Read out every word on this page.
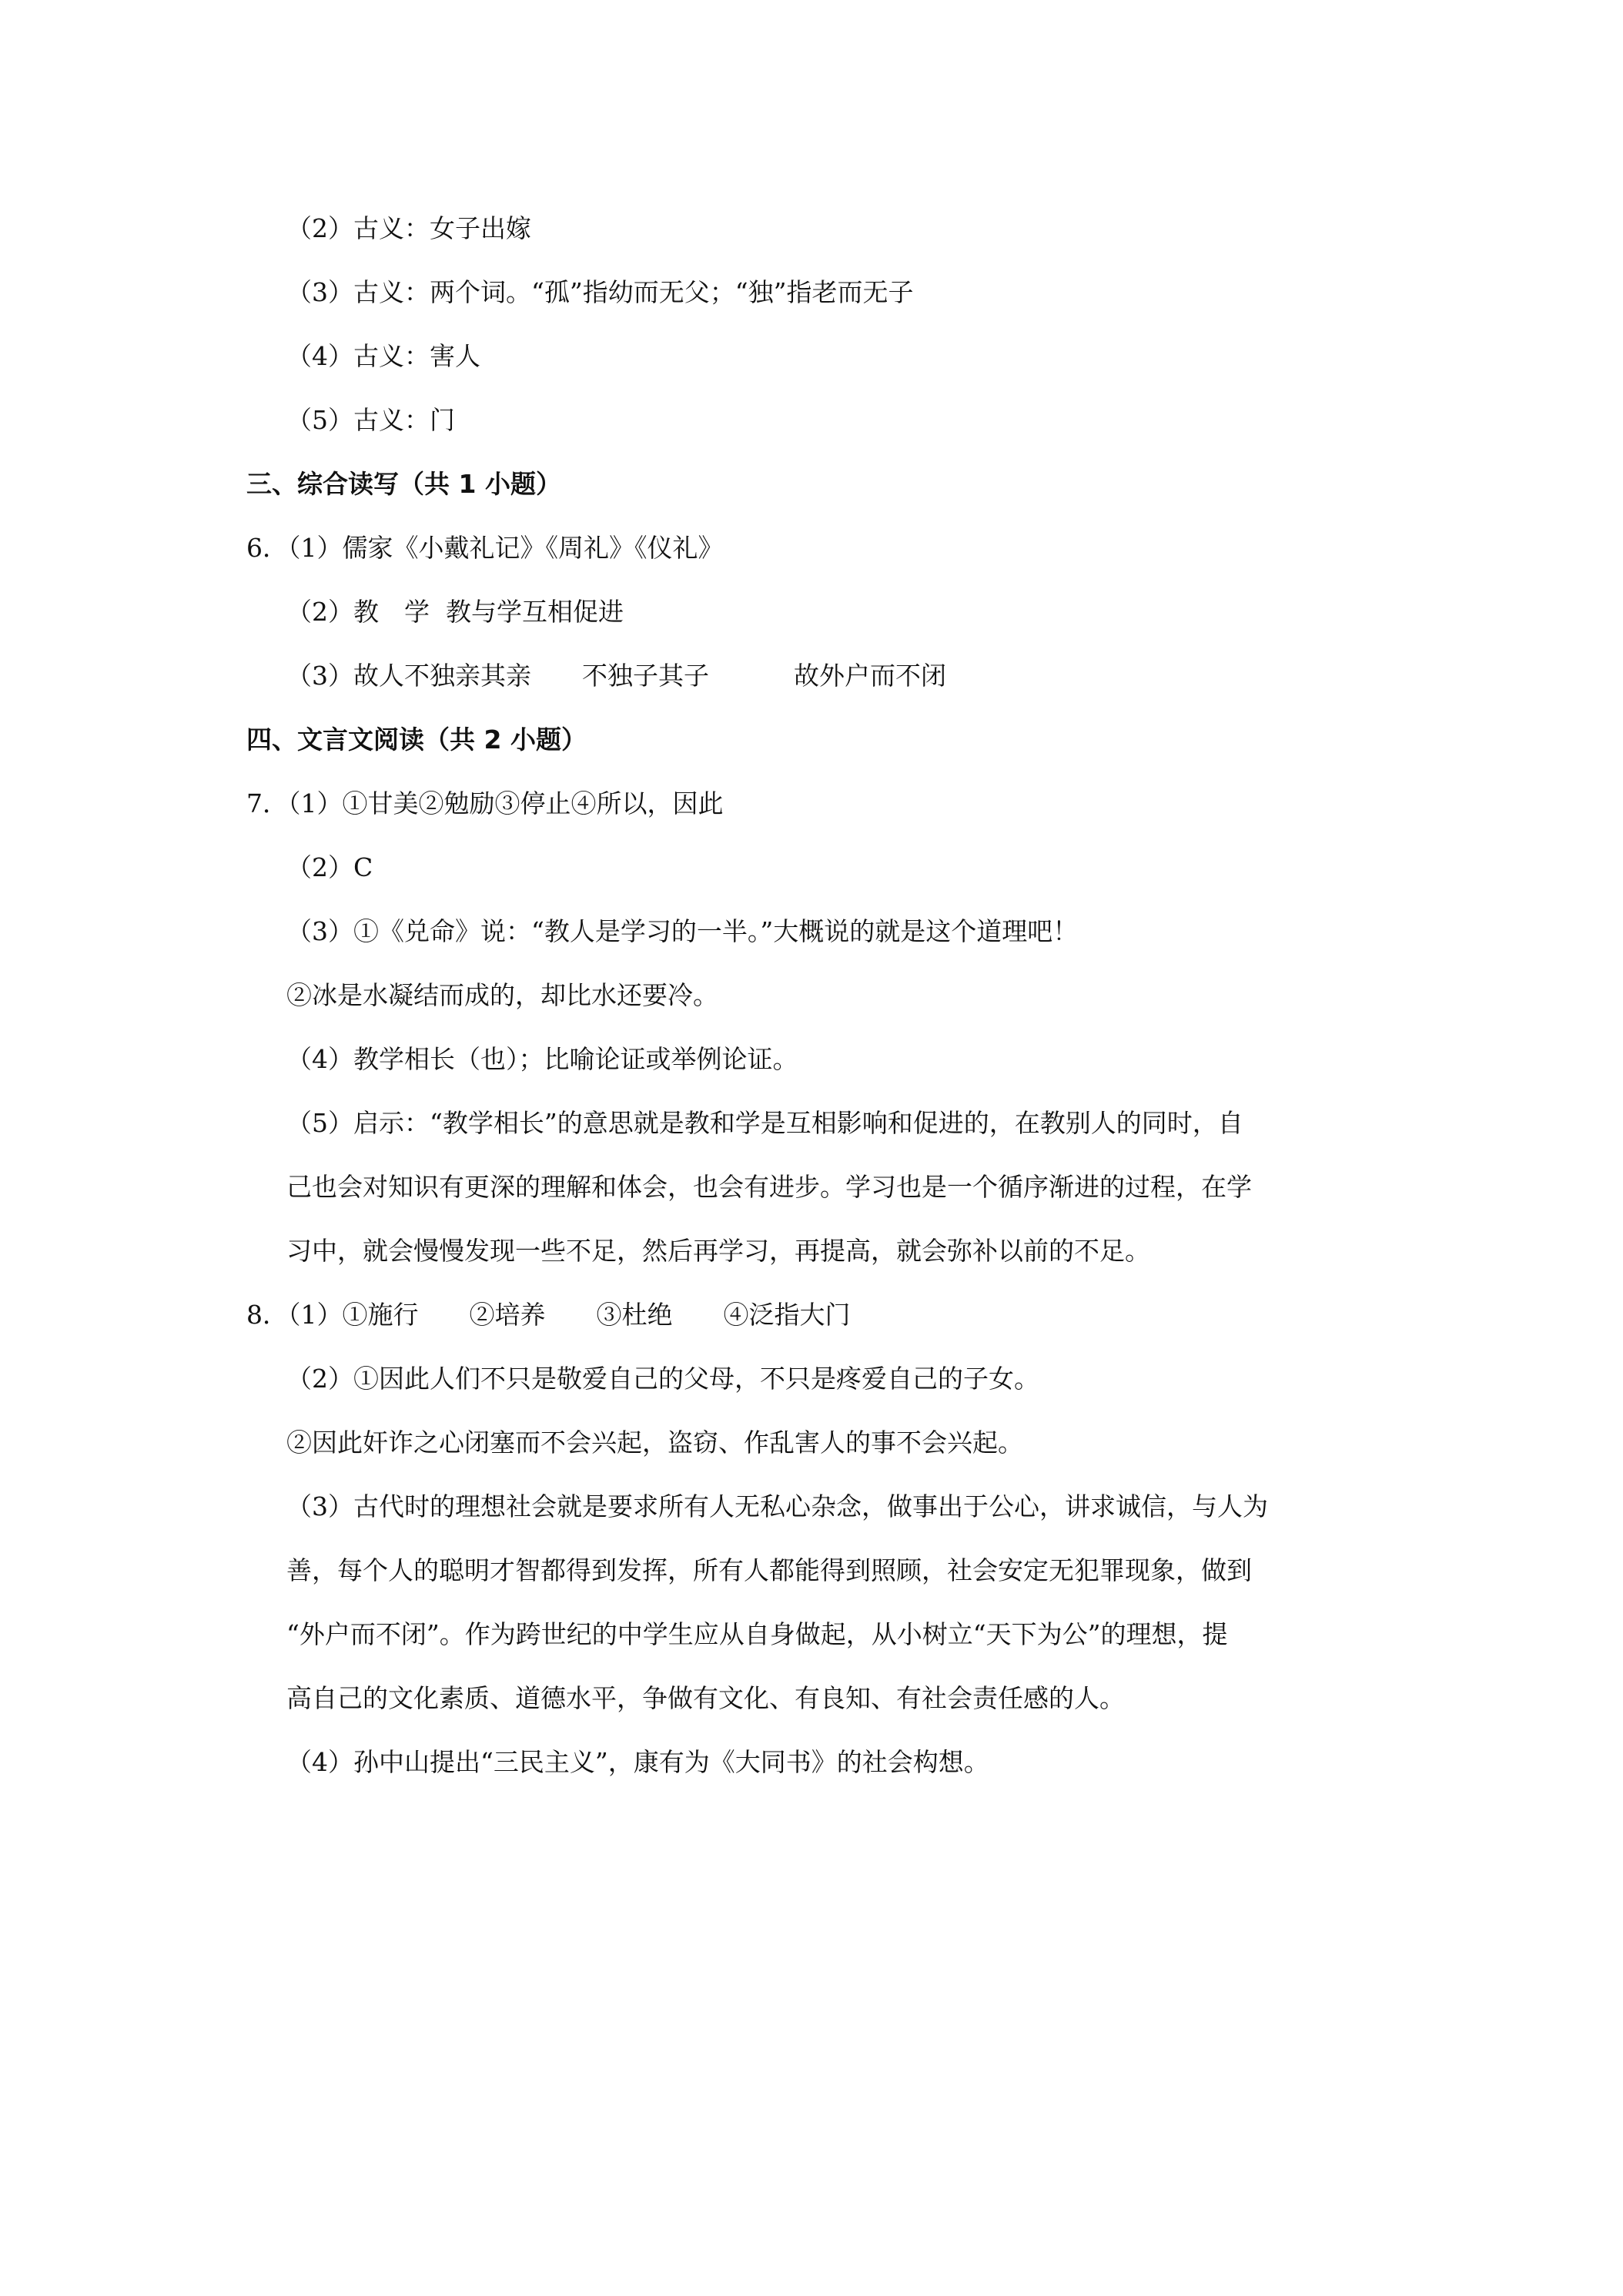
（2）古义：女子出嫁
（3）古义：两个词。“孤”指幼而无父；“独”指老而无子
（4）古义：害人
（5）古义：门
三、综合读写（共 1 小题）
6．（1）儒家《小戴礼记》《周礼》《仪礼》
（2）教　学  教与学互相促进
（3）故人不独亲其亲 不独子其子	故外户而不闭
四、文言文阅读（共 2 小题）
7．（1）①甘美②勉励③停止④所以，因此
（2）C
（3）①《兑命》说：“教人是学习的一半。”大概说的就是这个道理吧！
②冰是水凝结而成的，却比水还要冷。
（4）教学相长（也）；比喻论证或举例论证。
（5）启示：“教学相长”的意思就是教和学是互相影响和促进的，在教别人的同时，自
己也会对知识有更深的理解和体会，也会有进步。学习也是一个循序渐进的过程，在学
习中，就会慢慢发现一些不足，然后再学习，再提高，就会弥补以前的不足。
8．（1）①施行 ②培养 ③杜绝 ④泛指大门
（2）①因此人们不只是敬爱自己的父母，不只是疼爱自己的子女。
②因此奸诈之心闭塞而不会兴起，盗窃、作乱害人的事不会兴起。
（3）古代时的理想社会就是要求所有人无私心杂念，做事出于公心，讲求诚信，与人为
善，每个人的聪明才智都得到发挥，所有人都能得到照顾，社会安定无犯罪现象，做到
“外户而不闭”。作为跨世纪的中学生应从自身做起，从小树立“天下为公”的理想，提
高自己的文化素质、道德水平，争做有文化、有良知、有社会责任感的人。
（4）孙中山提出“三民主义”，康有为《大同书》的社会构想。
